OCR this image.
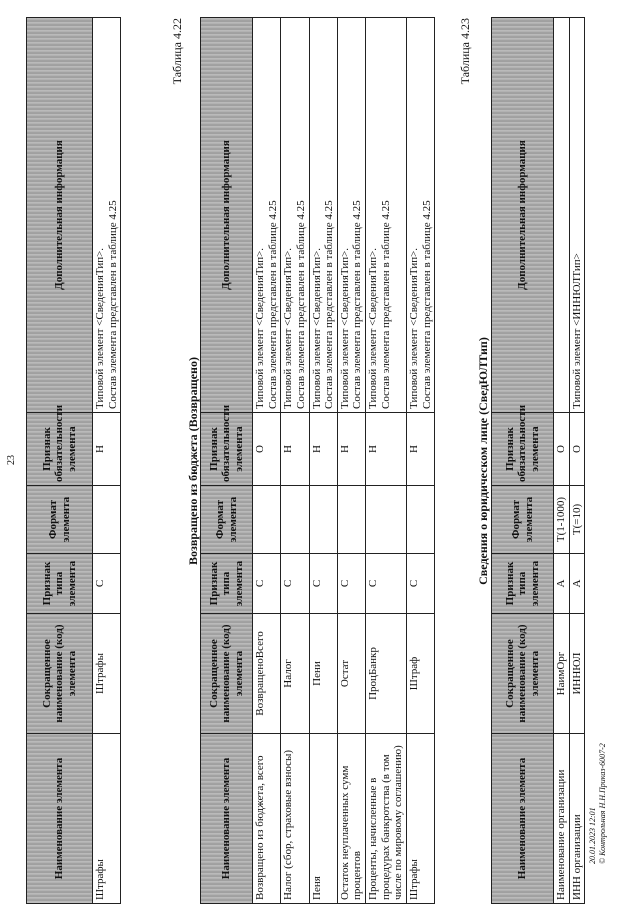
23
Наименование элемента	Сокращенное наименование (код) элемента	Признак типа элемента	Формат элемента	Признак обязательности элемента	Дополнительная информация
Штрафы	Штрафы	С		Н	Типовой элемент <СведенияТип>. Состав элемента представлен в таблице 4.25
Таблица 4.22
Возвращено из бюджета (Возвращено)
Наименование элемента	Сокращенное наименование (код) элемента	Признак типа элемента	Формат элемента	Признак обязательности элемента	Дополнительная информация
Возвращено из бюджета, всего	ВозвращеноВсего	С		О	Типовой элемент <СведенияТип>. Состав элемента представлен в таблице 4.25

Налог (сбор, страховые взносы)	Налог	С		Н	Типовой элемент <СведенияТип>. Состав элемента представлен в таблице 4.25

Пеня	Пени	С		Н	Типовой элемент <СведенияТип>. Состав элемента представлен в таблице 4.25

Остаток неуплаченных сумм процентов	Остат	С		Н	Типовой элемент <СведенияТип>. Состав элемента представлен в таблице 4.25

Проценты, начисленные в процедурах банкротства (в том числе по мировому соглашению)	ПроцБанкр	С		Н	Типовой элемент <СведенияТип>. Состав элемента представлен в таблице 4.25

Штрафы	Штраф	С		Н	Типовой элемент <СведенияТип>. Состав элемента представлен в таблице 4.25
Таблица 4.23
Сведения о юридическом лице (СведЮЛТип)
Наименование элемента	Сокращенное наименование (код) элемента	Признак типа элемента	Формат элемента	Признак обязательности элемента	Дополнительная информация
Наименование организации	НаимОрг	А	T(1-1000)	О	
ИНН организации	ИННЮЛ	А	T(=10)	О	Типовой элемент <ИННЮЛТип>
20.01.2023 12:01 © Контрольная Н.Н.Приказ-6007-2
